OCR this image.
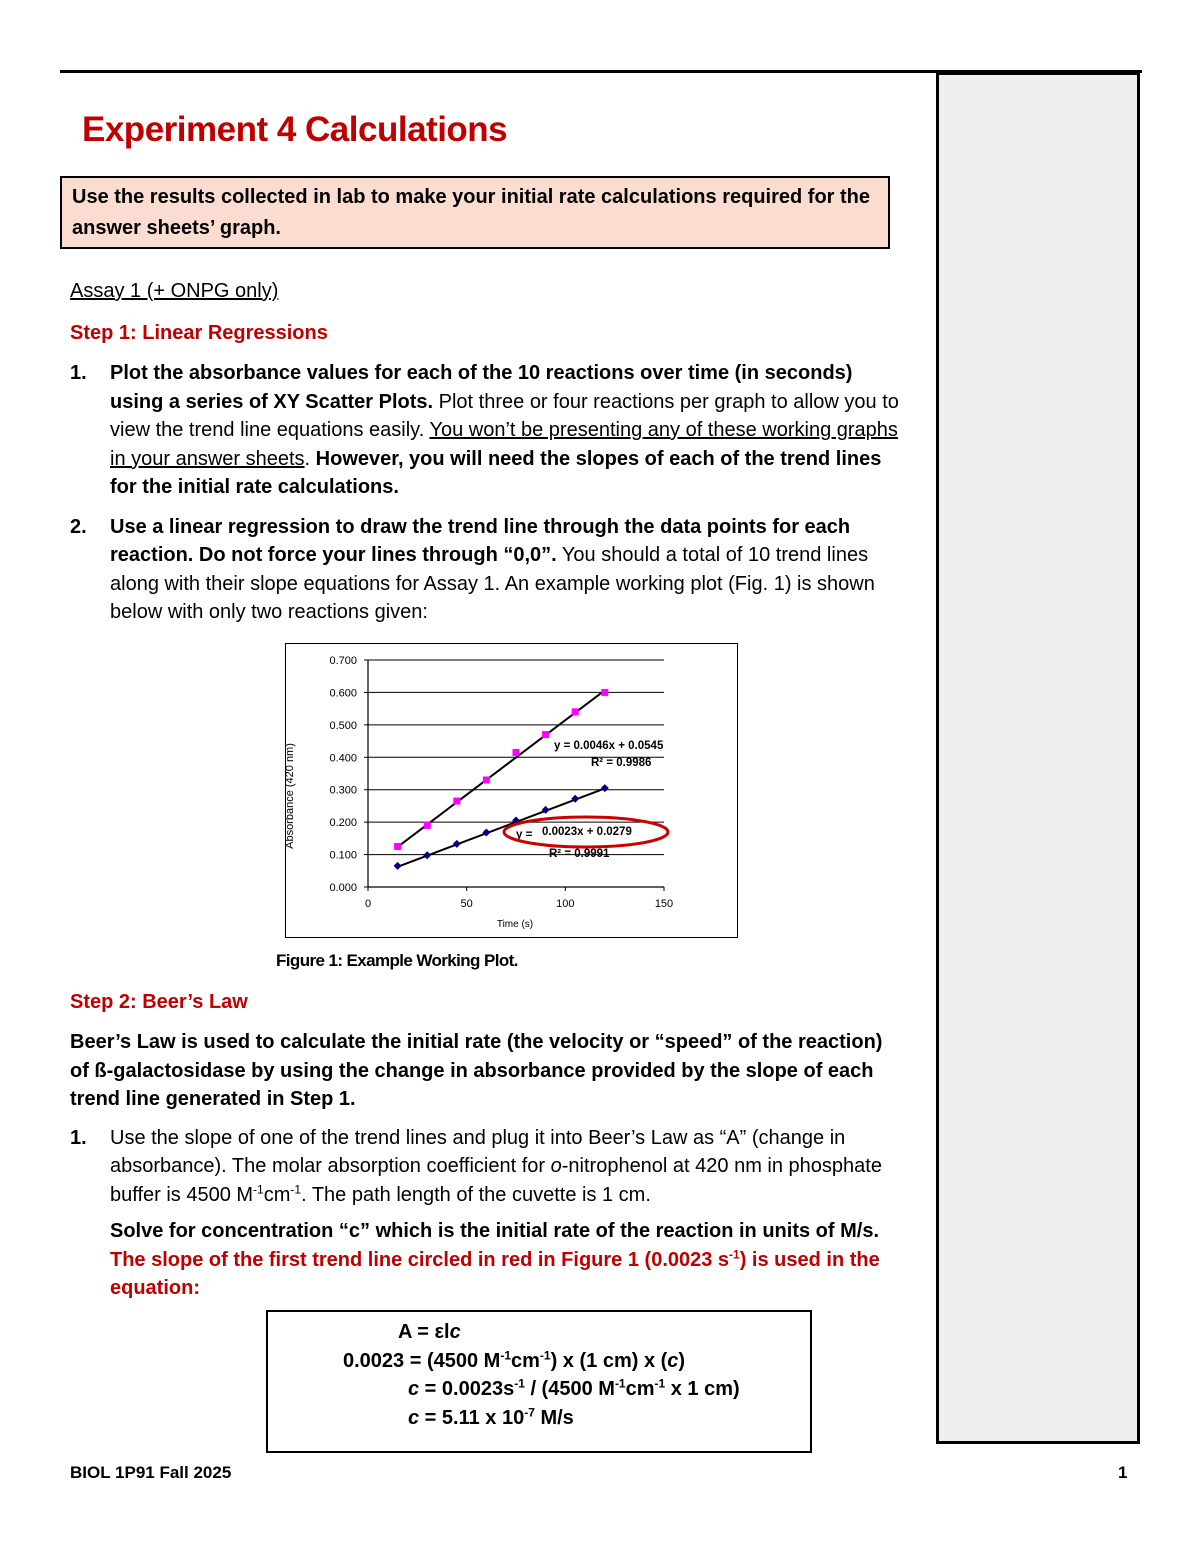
Experiment 4 Calculations
Use the results collected in lab to make your initial rate calculations required for the answer sheets’ graph.
Assay 1 (+ ONPG only)
Step 1: Linear Regressions
1. Plot the absorbance values for each of the 10 reactions over time (in seconds) using a series of XY Scatter Plots. Plot three or four reactions per graph to allow you to view the trend line equations easily. You won’t be presenting any of these working graphs in your answer sheets. However, you will need the slopes of each of the trend lines for the initial rate calculations.
2. Use a linear regression to draw the trend line through the data points for each reaction. Do not force your lines through “0,0”. You should a total of 10 trend lines along with their slope equations for Assay 1. An example working plot (Fig. 1) is shown below with only two reactions given:
0.000
0.100
0.200
0.300
0.400
0.500
0.600
0.700
0	50	100	150
Absorbance (420 nm)
Time (s)
y = 0.0046x + 0.0545
R² = 0.9986
y = 0.0023x + 0.0279
R² = 0.9991
Figure 1: Example Working Plot.
Step 2: Beer’s Law
Beer’s Law is used to calculate the initial rate (the velocity or “speed” of the reaction) of ß-galactosidase by using the change in absorbance provided by the slope of each trend line generated in Step 1.
1. Use the slope of one of the trend lines and plug it into Beer’s Law as “A” (change in absorbance). The molar absorption coefficient for o-nitrophenol at 420 nm in phosphate buffer is 4500 $M^{-1}cm^{-1}$. The path length of the cuvette is 1 cm.
Solve for concentration “c” which is the initial rate of the reaction in units of M/s. The slope of the first trend line circled in red in Figure 1 (0.0023 $s^{-1}$) is used in the equation:
A = εlc
0.0023 = (4500 $M^{-1}cm^{-1}$) x (1 cm) x (c)
$c = 0.0023s^{-1} / (4500$ $M^{-1}cm^{-1}$ x 1 cm)
c = 5.11 x $10^{-7}$ M/s
BIOL 1P91 Fall 2025	1
